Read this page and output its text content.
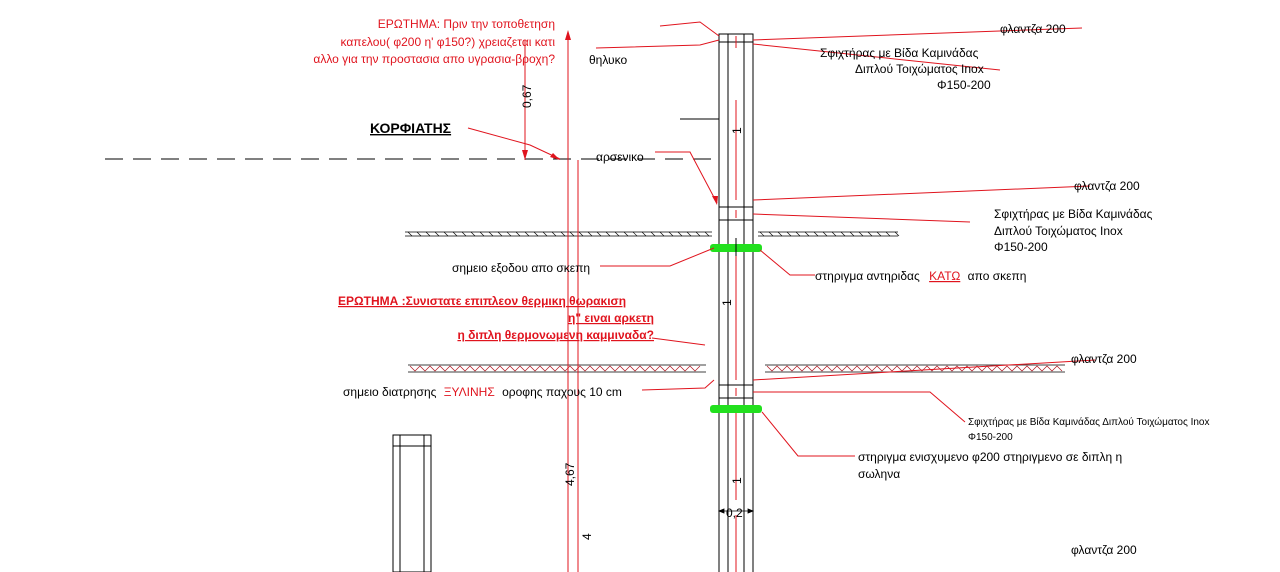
ΕΡΩΤΗΜΑ: Πριν την τοποθετηση
καπελου( φ200 η' φ150?) χρειαζεται κατι
αλλο για την προστασια απο υγρασια-βροχη?
ΚΟΡΦΙΑΤΗΣ
θηλυκο
αρσενικο
σημειο εξοδου απο σκεπη
σημειο διατρησης ΞΥΛΙΝΗΣ οροφης παχους 10 cm
φλαντζα 200
φλαντζα 200
φλαντζα 200
φλαντζα 200
Σφιχτήρας με Βίδα Καμινάδας
Διπλού Τοιχώματος Inox
Φ150-200
Σφιχτήρας με Βίδα Καμινάδας
Διπλού Τοιχώματος Inox
Φ150-200
Σφιχτήρας με Βίδα Καμινάδας Διπλού Τοιχώματος Inox
Φ150-200
στηριγμα αντηριδας ΚΑΤΩ απο σκεπη
στηριγμα ενισχυμενο φ200 στηριγμενο σε διπλη η
σωληνα
ΕΡΩΤΗΜΑ :Συνιστατε επιπλεον θερμικη θωρακιση
η" ειναι αρκετη
η διπλη θερμονωμενη καμμιναδα?
0,67
4,67
4
1
1
1
0,2
